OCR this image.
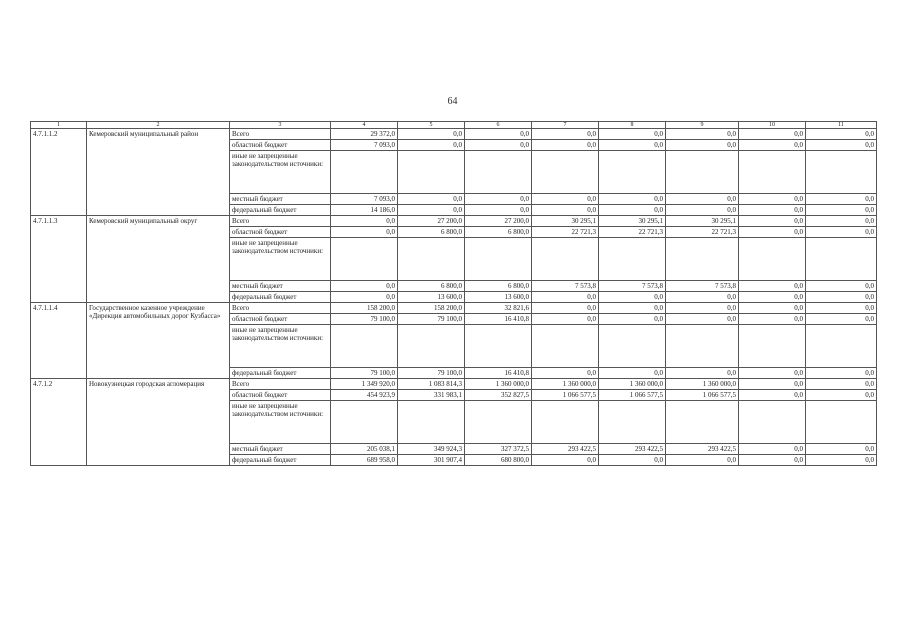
64
1	2	3	4	5	6	7	8	9	10	11
4.7.1.1.2	Кемеровский муниципальный район	Всего	29 372,0	0,0	0,0	0,0	0,0	0,0	0,0	0,0
		областной бюджет	7 093,0	0,0	0,0	0,0	0,0	0,0	0,0	0,0
		иные не запрещенные законодательством источники:								
		местный бюджет	7 093,0	0,0	0,0	0,0	0,0	0,0	0,0	0,0
		федеральный бюджет	14 186,0	0,0	0,0	0,0	0,0	0,0	0,0	0,0
4.7.1.1.3	Кемеровский муниципальный округ	Всего	0,0	27 200,0	27 200,0	30 295,1	30 295,1	30 295,1	0,0	0,0
		областной бюджет	0,0	6 800,0	6 800,0	22 721,3	22 721,3	22 721,3	0,0	0,0
		иные не запрещенные законодательством источники:								
		местный бюджет	0,0	6 800,0	6 800,0	7 573,8	7 573,8	7 573,8	0,0	0,0
		федеральный бюджет	0,0	13 600,0	13 600,0	0,0	0,0	0,0	0,0	0,0
4.7.1.1.4	Государственное казенное учреждение «Дирекция автомобильных дорог Кузбасса»	Всего	158 200,0	158 200,0	32 821,6	0,0	0,0	0,0	0,0	0,0
		областной бюджет	79 100,0	79 100,0	16 410,8	0,0	0,0	0,0	0,0	0,0
		иные не запрещенные законодательством источники:								
		федеральный бюджет	79 100,0	79 100,0	16 410,8	0,0	0,0	0,0	0,0	0,0
4.7.1.2	Новокузнецкая городская агломерация	Всего	1 349 920,0	1 083 814,3	1 360 000,0	1 360 000,0	1 360 000,0	1 360 000,0	0,0	0,0
		областной бюджет	454 923,9	331 983,1	352 827,5	1 066 577,5	1 066 577,5	1 066 577,5	0,0	0,0
		иные не запрещенные законодательством источники:								
		местный бюджет	205 038,1	349 924,3	327 372,5	293 422,5	293 422,5	293 422,5	0,0	0,0
		федеральный бюджет	689 958,0	301 907,4	680 800,0	0,0	0,0	0,0	0,0	0,0
